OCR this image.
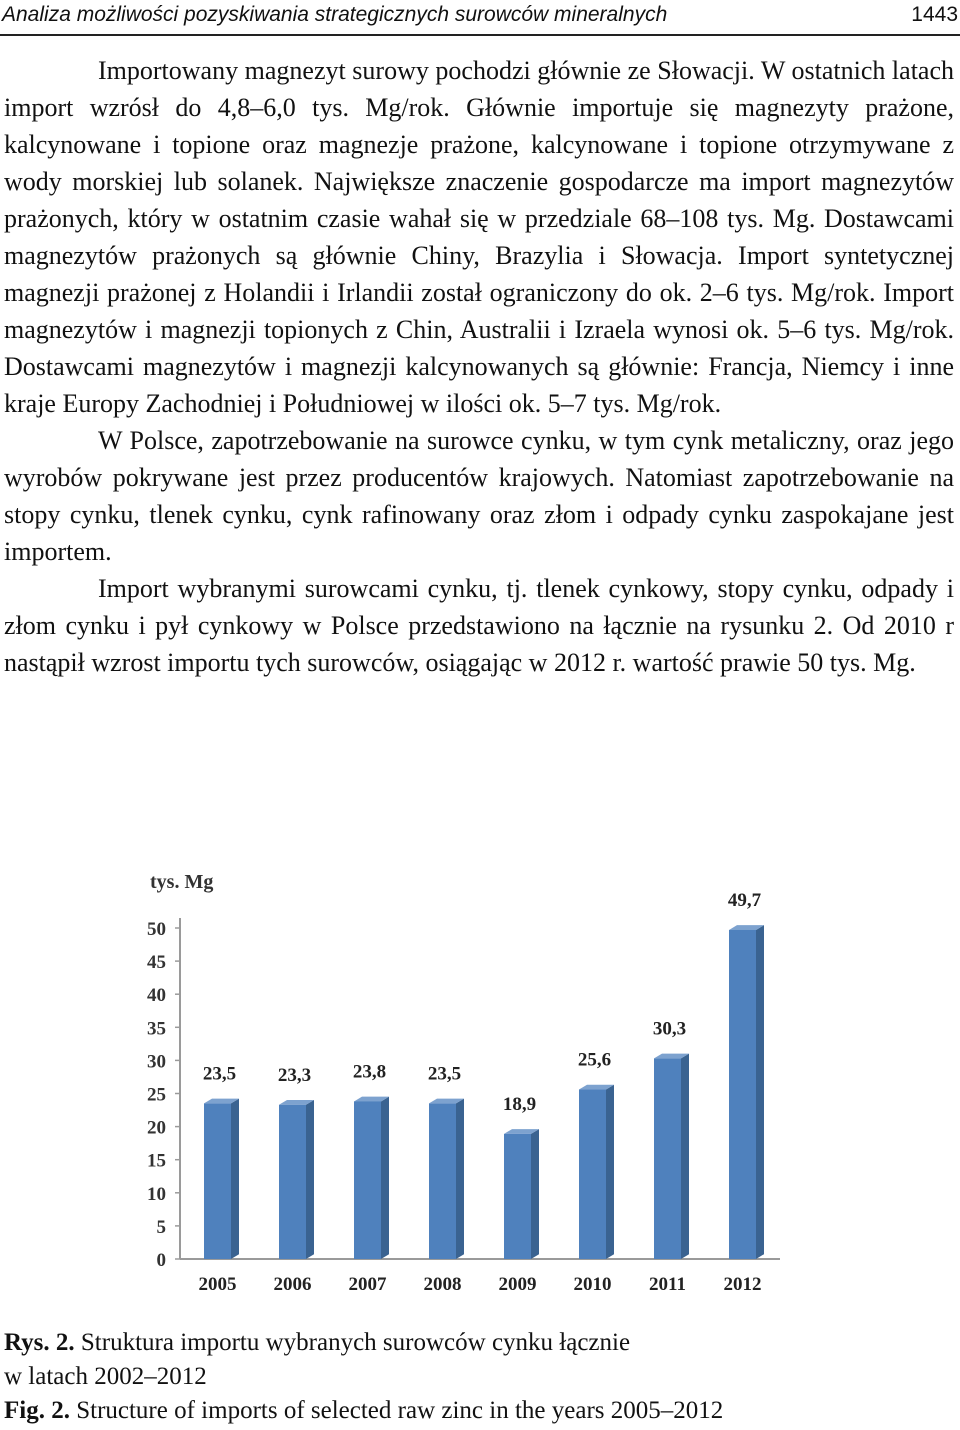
Analiza możliwości pozyskiwania strategicznych surowców mineralnych	1443

Importowany magnezyt surowy pochodzi głównie ze Słowacji. W ostatnich latach import wzrósł do 4,8–6,0 tys. Mg/rok. Głównie importuje się magnezyty prażone, kalcynowane i topione oraz magnezje prażone, kalcynowane i topione otrzymywane z wody morskiej lub solanek. Największe znaczenie gospodarcze ma import magnezytów prażonych, który w ostatnim czasie wahał się w przedziale 68–108 tys. Mg. Dostawcami magnezytów prażonych są głównie Chiny, Brazylia i Słowacja. Import syntetycznej magnezji prażonej z Holandii i Irlandii został ograniczony do ok. 2–6 tys. Mg/rok. Import magnezytów i magnezji topionych z Chin, Australii i Izraela wynosi ok. 5–6 tys. Mg/rok. Dostawcami magnezytów i magnezji kalcynowanych są głównie: Francja, Niemcy i inne kraje Europy Zachodniej i Południowej w ilości ok. 5–7 tys. Mg/rok.

W Polsce, zapotrzebowanie na surowce cynku, w tym cynk metaliczny, oraz jego wyrobów pokrywane jest przez producentów krajowych. Natomiast zapotrzebowanie na stopy cynku, tlenek cynku, cynk rafinowany oraz złom i odpady cynku zaspokajane jest importem.

Import wybranymi surowcami cynku, tj. tlenek cynkowy, stopy cynku, odpady i złom cynku i pył cynkowy w Polsce przedstawiono na łącznie na rysunku 2. Od 2010 r nastąpił wzrost importu tych surowców, osiągając w 2012 r. wartość prawie 50 tys. Mg.

tys. Mg
0
5
10
15
20
25
30
35
40
45
50
23,5
2005
23,3
2006
23,8
2007
23,5
2008
18,9
2009
25,6
2010
30,3
2011
49,7
2012
Rys. 2. Struktura importu wybranych surowców cynku łącznie
w latach 2002–2012
Fig. 2. Structure of imports of selected raw zinc in the years 2005–2012
